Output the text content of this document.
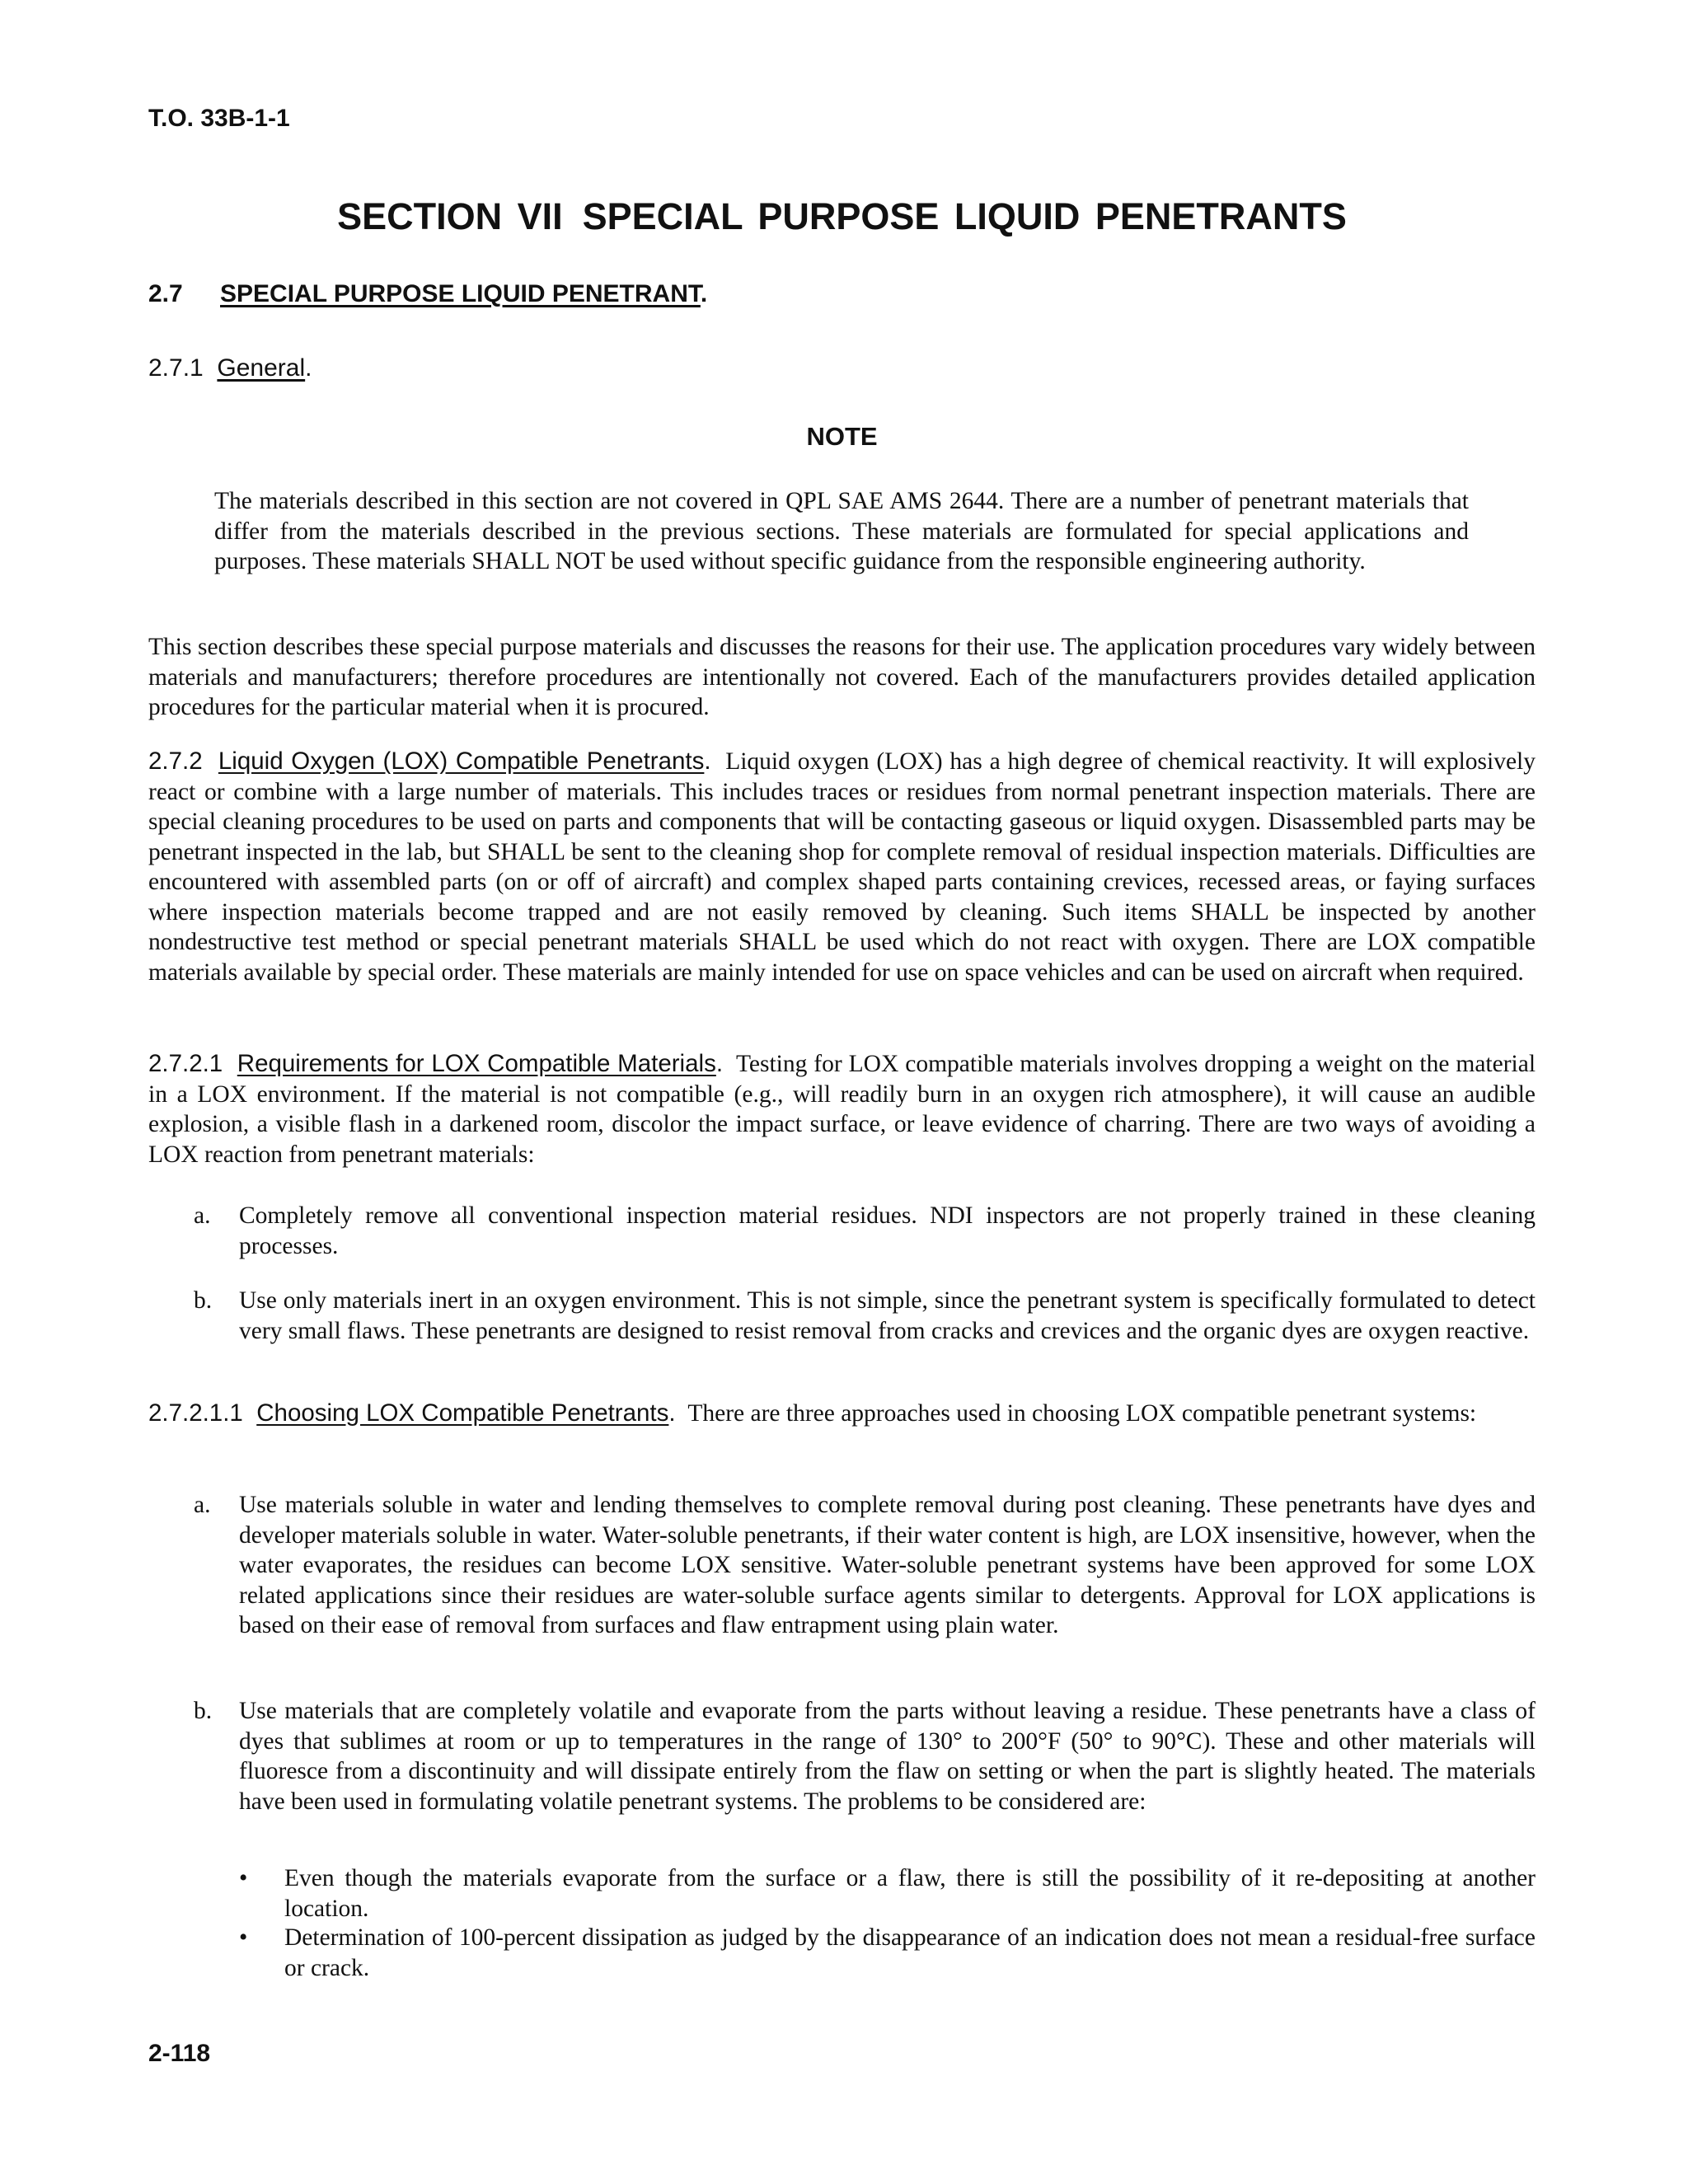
T.O. 33B-1-1
SECTION VII SPECIAL PURPOSE LIQUID PENETRANTS
2.7 SPECIAL PURPOSE LIQUID PENETRANT.
2.7.1 General.
NOTE
The materials described in this section are not covered in QPL SAE AMS 2644. There are a number of penetrant materials that differ from the materials described in the previous sections. These materials are formulated for special applications and purposes. These materials SHALL NOT be used without specific guidance from the responsible engineering authority.
This section describes these special purpose materials and discusses the reasons for their use. The application procedures vary widely between materials and manufacturers; therefore procedures are intentionally not covered. Each of the manufacturers provides detailed application procedures for the particular material when it is procured.
2.7.2 Liquid Oxygen (LOX) Compatible Penetrants. Liquid oxygen (LOX) has a high degree of chemical reactivity. It will explosively react or combine with a large number of materials. This includes traces or residues from normal penetrant inspection materials. There are special cleaning procedures to be used on parts and components that will be contacting gaseous or liquid oxygen. Disassembled parts may be penetrant inspected in the lab, but SHALL be sent to the cleaning shop for complete removal of residual inspection materials. Difficulties are encountered with assembled parts (on or off of aircraft) and complex shaped parts containing crevices, recessed areas, or faying surfaces where inspection materials become trapped and are not easily removed by cleaning. Such items SHALL be inspected by another nondestructive test method or special penetrant materials SHALL be used which do not react with oxygen. There are LOX compatible materials available by special order. These materials are mainly intended for use on space vehicles and can be used on aircraft when required.
2.7.2.1 Requirements for LOX Compatible Materials. Testing for LOX compatible materials involves dropping a weight on the material in a LOX environment. If the material is not compatible (e.g., will readily burn in an oxygen rich atmosphere), it will cause an audible explosion, a visible flash in a darkened room, discolor the impact surface, or leave evidence of charring. There are two ways of avoiding a LOX reaction from penetrant materials:
a.	Completely remove all conventional inspection material residues. NDI inspectors are not properly trained in these cleaning processes.
b.	Use only materials inert in an oxygen environment. This is not simple, since the penetrant system is specifically formulated to detect very small flaws. These penetrants are designed to resist removal from cracks and crevices and the organic dyes are oxygen reactive.
2.7.2.1.1 Choosing LOX Compatible Penetrants. There are three approaches used in choosing LOX compatible penetrant systems:
a.	Use materials soluble in water and lending themselves to complete removal during post cleaning. These penetrants have dyes and developer materials soluble in water. Water-soluble penetrants, if their water content is high, are LOX insensitive, however, when the water evaporates, the residues can become LOX sensitive. Water-soluble penetrant systems have been approved for some LOX related applications since their residues are water-soluble surface agents similar to detergents. Approval for LOX applications is based on their ease of removal from surfaces and flaw entrapment using plain water.
b.	Use materials that are completely volatile and evaporate from the parts without leaving a residue. These penetrants have a class of dyes that sublimes at room or up to temperatures in the range of 130° to 200°F (50° to 90°C). These and other materials will fluoresce from a discontinuity and will dissipate entirely from the flaw on setting or when the part is slightly heated. The materials have been used in formulating volatile penetrant systems. The problems to be considered are:
•	Even though the materials evaporate from the surface or a flaw, there is still the possibility of it re-depositing at another location.
•	Determination of 100-percent dissipation as judged by the disappearance of an indication does not mean a residual-free surface or crack.
2-118
